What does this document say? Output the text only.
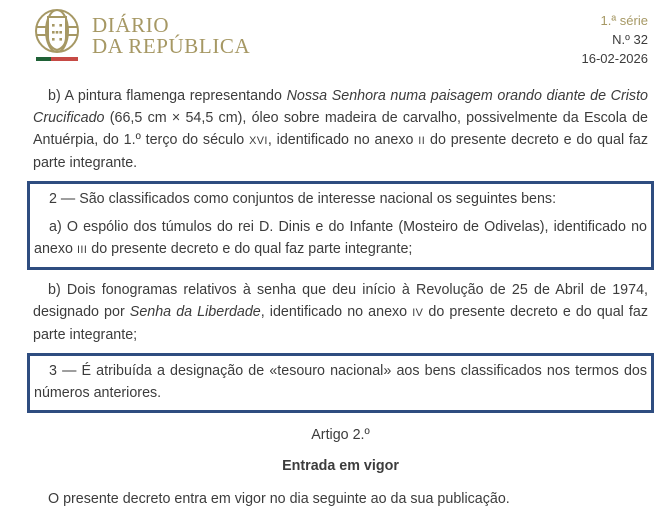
DIÁRIO
DA REPÚBLICA
1.ª série
N.º 32
16-02-2026

b) A pintura flamenga representando Nossa Senhora numa paisagem orando diante de Cristo Crucificado (66,5 cm × 54,5 cm), óleo sobre madeira de carvalho, possivelmente da Escola de Antuérpia, do 1.º terço do século XVI, identificado no anexo II do presente decreto e do qual faz parte integrante.

2 — São classificados como conjuntos de interesse nacional os seguintes bens:

a) O espólio dos túmulos do rei D. Dinis e do Infante (Mosteiro de Odivelas), identificado no anexo III do presente decreto e do qual faz parte integrante;

b) Dois fonogramas relativos à senha que deu início à Revolução de 25 de Abril de 1974, designado por Senha da Liberdade, identificado no anexo IV do presente decreto e do qual faz parte integrante;

3 — É atribuída a designação de «tesouro nacional» aos bens classificados nos termos dos números anteriores.

Artigo 2.º

Entrada em vigor

O presente decreto entra em vigor no dia seguinte ao da sua publicação.
